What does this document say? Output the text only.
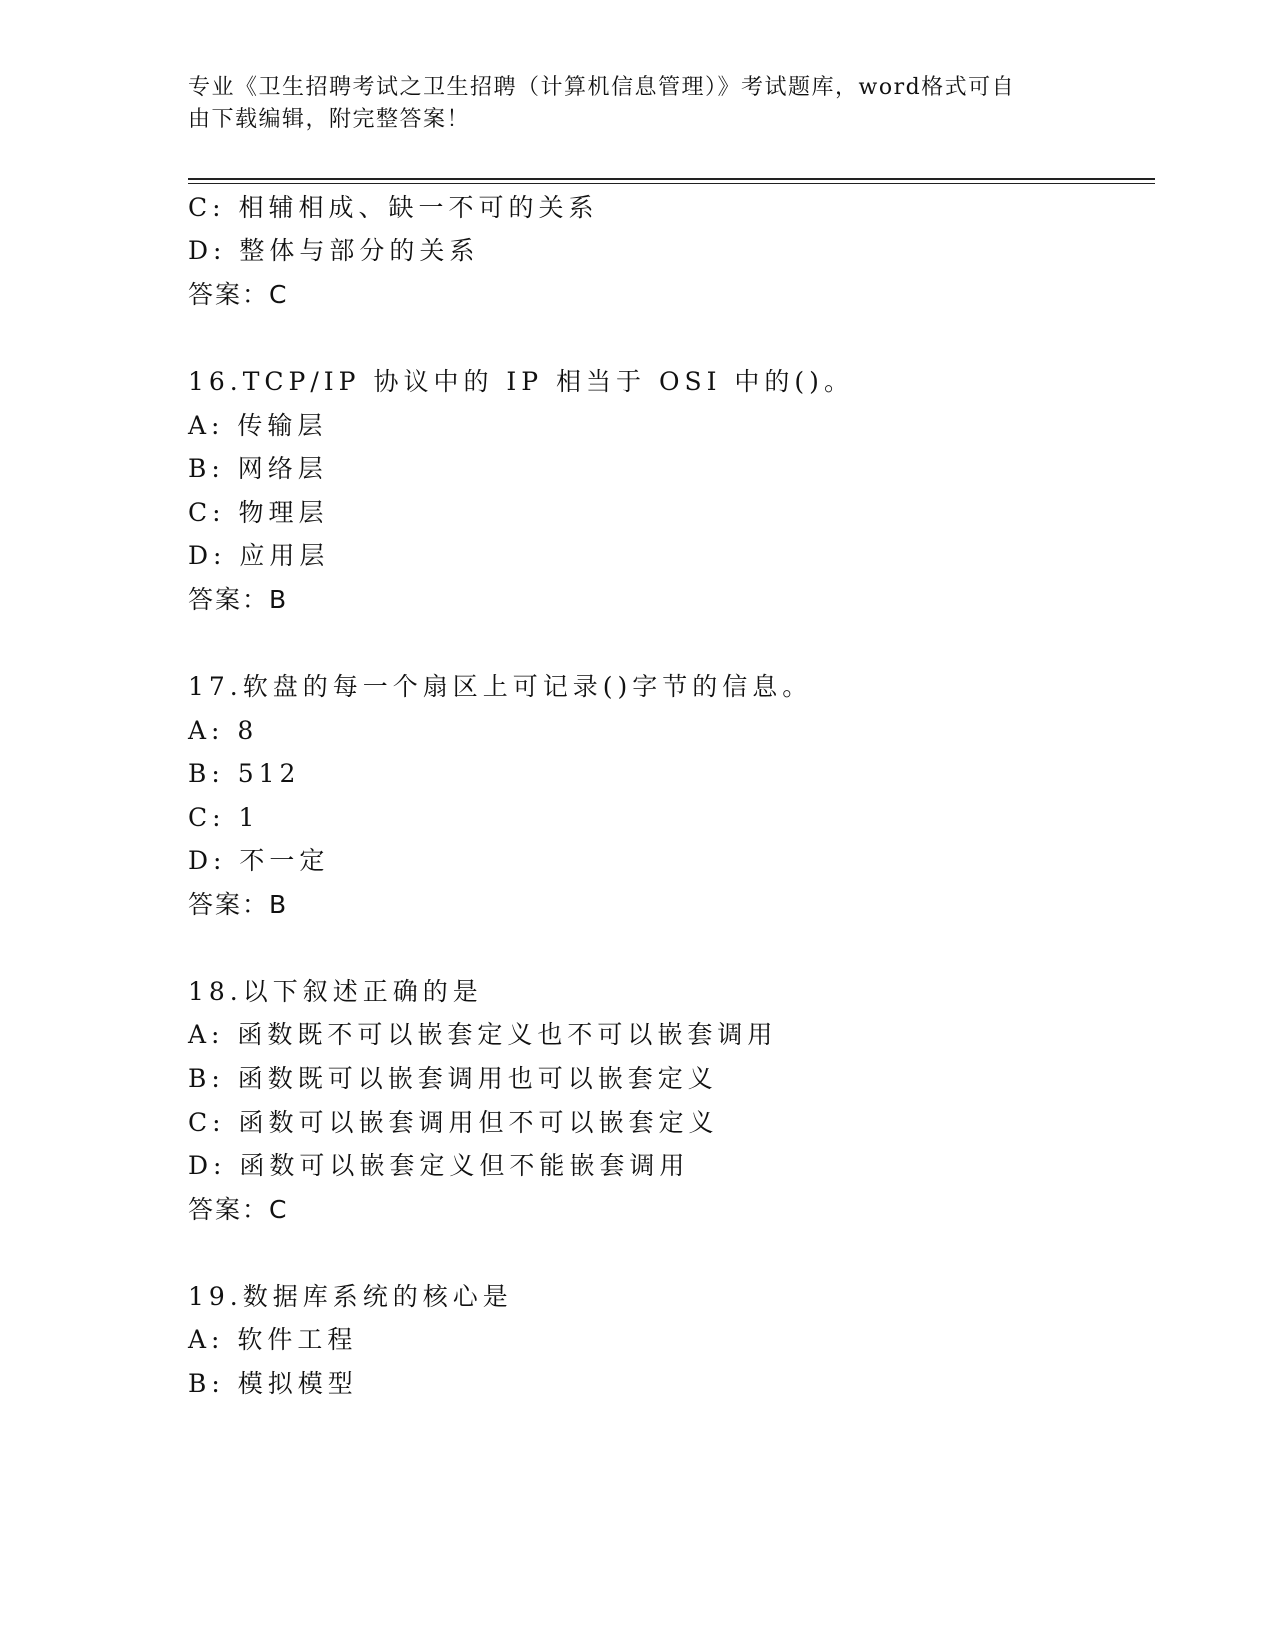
专业《卫生招聘考试之卫生招聘（计算机信息管理）》考试题库，word格式可自
由下载编辑，附完整答案！
C: 相辅相成、缺一不可的关系
D: 整体与部分的关系
答案：C
16.TCP/IP 协议中的 IP 相当于 OSI 中的()。
A: 传输层
B: 网络层
C: 物理层
D: 应用层
答案：B
17.软盘的每一个扇区上可记录()字节的信息。
A: 8
B: 512
C: 1
D: 不一定
答案：B
18.以下叙述正确的是
A: 函数既不可以嵌套定义也不可以嵌套调用
B: 函数既可以嵌套调用也可以嵌套定义
C: 函数可以嵌套调用但不可以嵌套定义
D: 函数可以嵌套定义但不能嵌套调用
答案：C
19.数据库系统的核心是
A: 软件工程
B: 模拟模型
